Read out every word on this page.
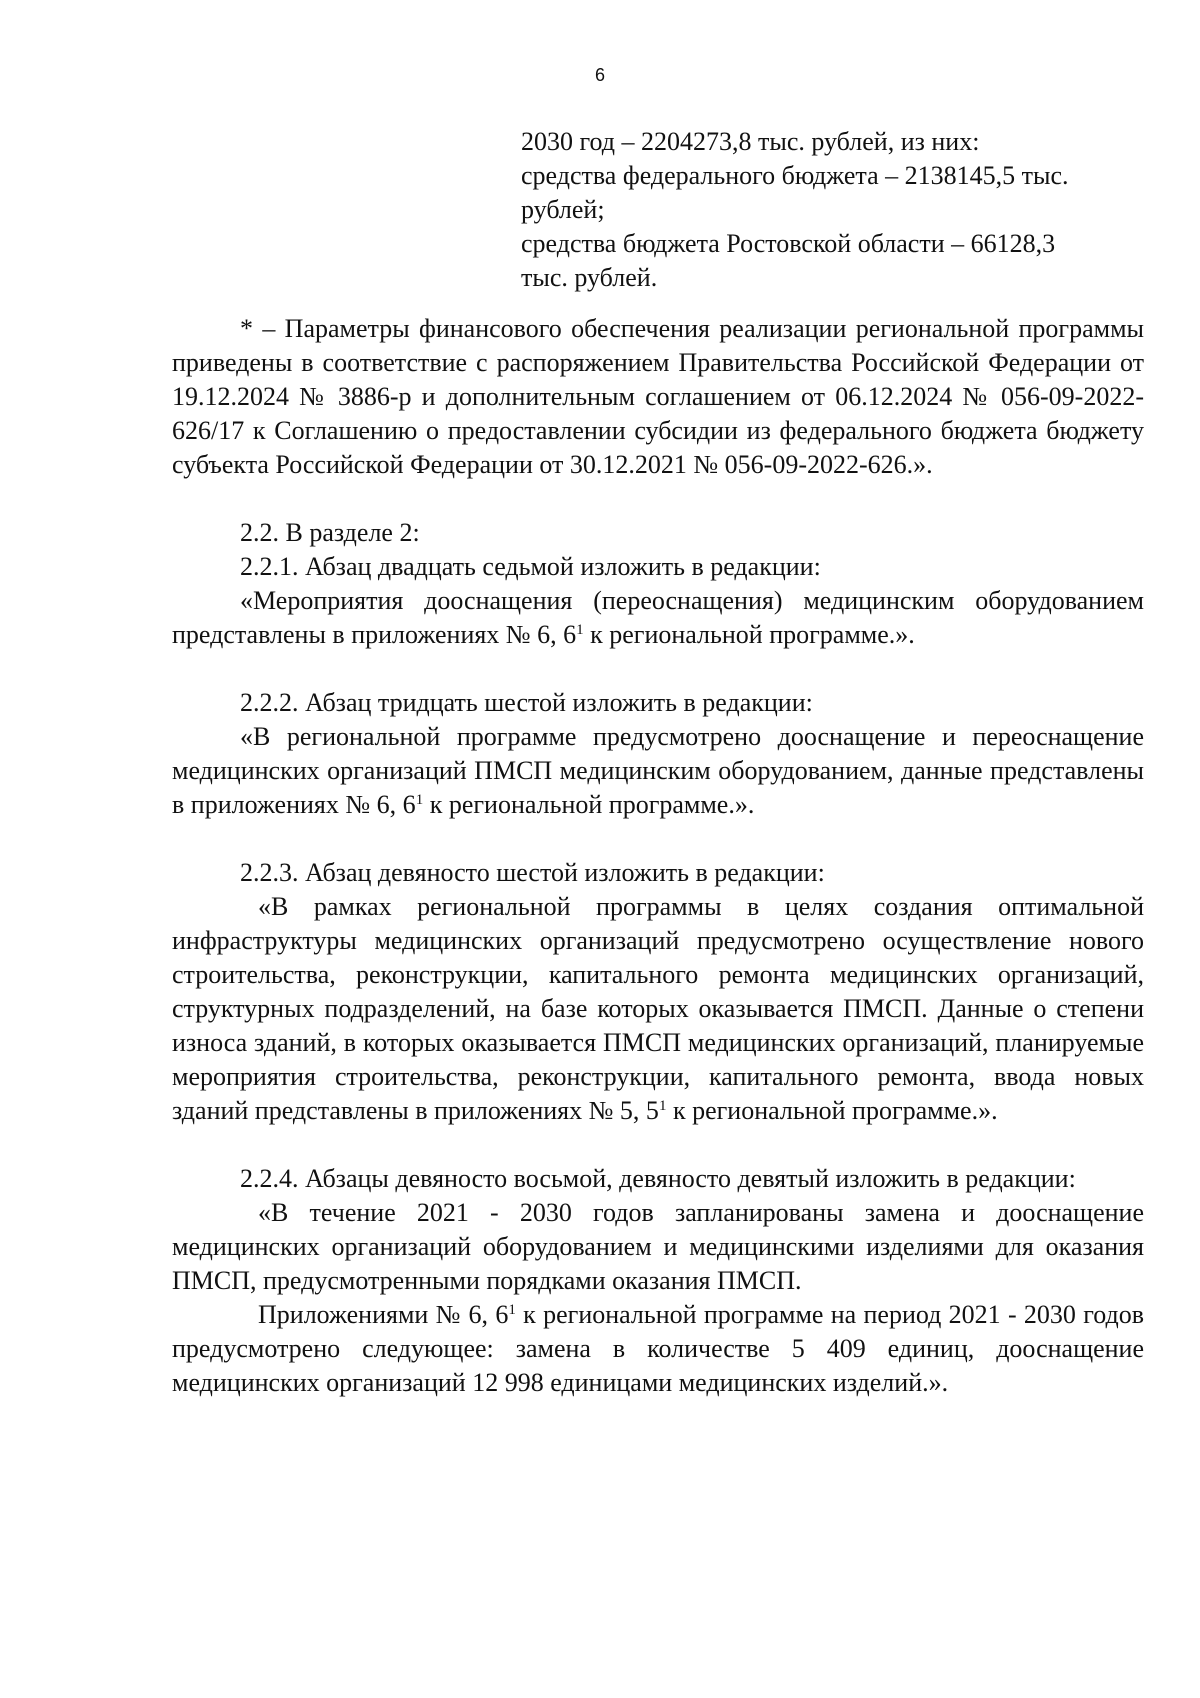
6
2030 год – 2204273,8 тыс. рублей, из них:
средства федерального бюджета – 2138145,5 тыс.
рублей;
средства бюджета Ростовской области – 66128,3
тыс. рублей.

* – Параметры финансового обеспечения реализации региональной программы приведены в соответствие с распоряжением Правительства Российской Федерации от 19.12.2024 № 3886-р и дополнительным соглашением от 06.12.2024 № 056-09-2022-626/17 к Соглашению о предоставлении субсидии из федерального бюджета бюджету субъекта Российской Федерации от 30.12.2021 № 056-09-2022-626.».

2.2. В разделе 2:

2.2.1. Абзац двадцать седьмой изложить в редакции:

«Мероприятия дооснащения (переоснащения) медицинским оборудованием представлены в приложениях № 6, $6^1$ к региональной программе.».

2.2.2. Абзац тридцать шестой изложить в редакции:

«В региональной программе предусмотрено дооснащение и переоснащение медицинских организаций ПМСП медицинским оборудованием, данные представлены в приложениях № 6, $6^1$ к региональной программе.».

2.2.3. Абзац девяносто шестой изложить в редакции:

«В рамках региональной программы в целях создания оптимальной инфраструктуры медицинских организаций предусмотрено осуществление нового строительства, реконструкции, капитального ремонта медицинских организаций, структурных подразделений, на базе которых оказывается ПМСП. Данные о степени износа зданий, в которых оказывается ПМСП медицинских организаций, планируемые мероприятия строительства, реконструкции, капитального ремонта, ввода новых зданий представлены в приложениях № 5, $5^1$ к региональной программе.».

2.2.4. Абзацы девяносто восьмой, девяносто девятый изложить в редакции:

«В течение 2021 - 2030 годов запланированы замена и дооснащение медицинских организаций оборудованием и медицинскими изделиями для оказания ПМСП, предусмотренными порядками оказания ПМСП.

Приложениями № 6, $6^1$ к региональной программе на период 2021 - 2030 годов предусмотрено следующее: замена в количестве 5 409 единиц, дооснащение медицинских организаций 12 998 единицами медицинских изделий.».
